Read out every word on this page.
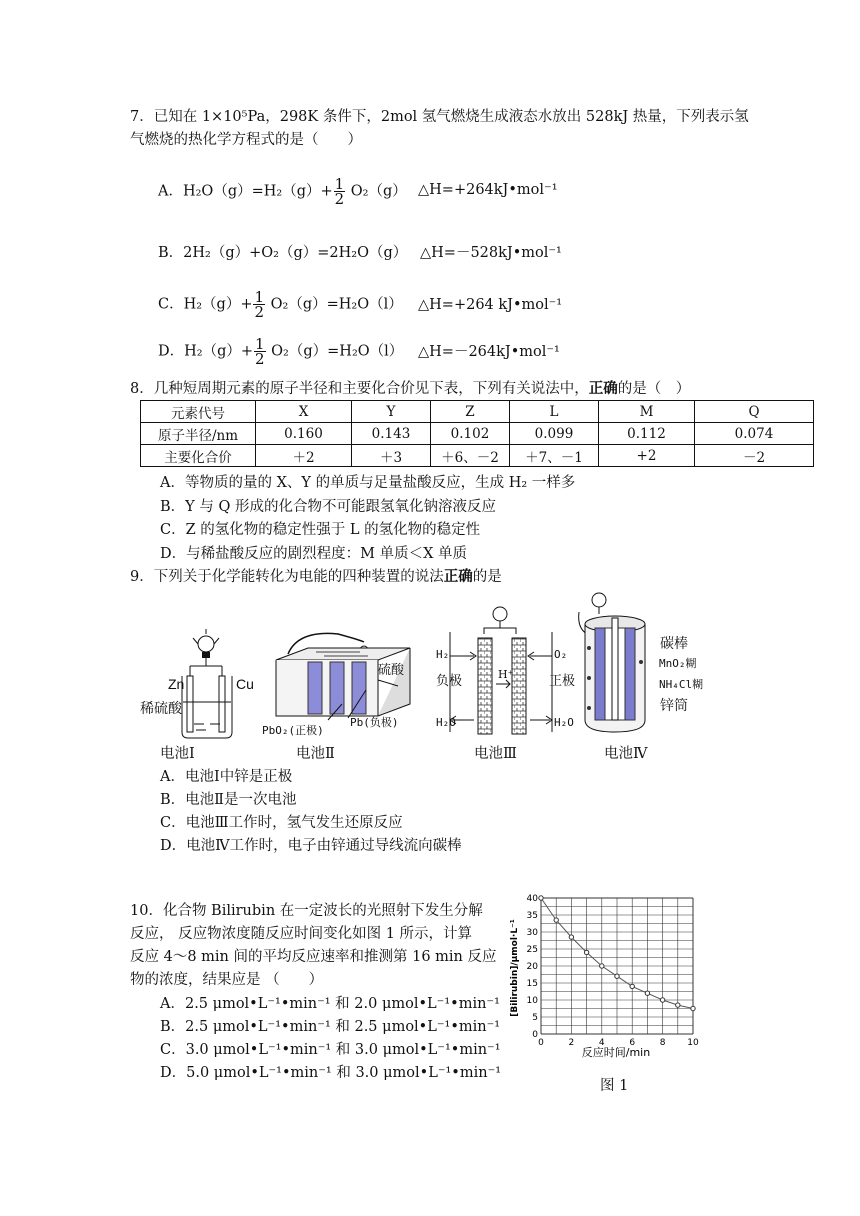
7．已知在 1×10⁵Pa，298K 条件下，2mol 氢气燃烧生成液态水放出 528kJ 热量，下列表示氢
气燃烧的热化学方程式的是（　　）
A．$H_2O(g)=H_2(g)+ \frac{1}{2} O_2(g)$ △H=+264kJ•mol⁻¹
B．2H₂（g）+O₂（g）=2H₂O（g） △H=－528kJ•mol⁻¹
C．$H_2(g)+ \frac{1}{2} O_2(g)=H_2O(l)$ △H=+264 kJ•mol⁻¹
D．$H_2(g)+ \frac{1}{2} O_2(g)=H_2O(l)$ △H=－264kJ•mol⁻¹
8．几种短周期元素的原子半径和主要化合价见下表，下列有关说法中，正确的是（　）
元素代号	X	Y	Z	L	M	Q
原子半径/nm	0.160	0.143	0.102	0.099	0.112	0.074
主要化合价	＋2	＋3	＋6、－2	＋7、－1	+2	－2
A．等物质的量的 X、Y 的单质与足量盐酸反应，生成 H₂ 一样多
B．Y 与 Q 形成的化合物不可能跟氢氧化钠溶液反应
C．Z 的氢化物的稳定性强于 L 的氢化物的稳定性
D．与稀盐酸反应的剧烈程度：M 单质＜X 单质
9．下列关于化学能转化为电能的四种装置的说法正确的是
Zn	Cu
稀硫酸
电池Ⅰ
硫酸
PbO₂(正极)
Pb(负极)
电池Ⅱ
H₂	O₂
负极	正极
H⁺
H₂O	H₂O
电池Ⅲ
碳棒
MnO₂糊
NH₄Cl糊
锌筒
电池Ⅳ
A．电池Ⅰ中锌是正极
B．电池Ⅱ是一次电池
C．电池Ⅲ工作时，氢气发生还原反应
D．电池Ⅳ工作时，电子由锌通过导线流向碳棒
10．化合物 Bilirubin 在一定波长的光照射下发生分解
反应， 反应物浓度随反应时间变化如图 1 所示，计算
反应 4～8 min 间的平均反应速率和推测第 16 min 反应
物的浓度，结果应是 （　　）
A．2.5 μmol•L⁻¹•min⁻¹ 和 2.0 μmol•L⁻¹•min⁻¹
B．2.5 μmol•L⁻¹•min⁻¹ 和 2.5 μmol•L⁻¹•min⁻¹
C．3.0 μmol•L⁻¹•min⁻¹ 和 3.0 μmol•L⁻¹•min⁻¹
D．5.0 μmol•L⁻¹•min⁻¹ 和 3.0 μmol•L⁻¹•min⁻¹
0	2	4	6	8 10
0
5
10
15
20
25
30
35
40
反应时间/min
[Bilirubin]/μmol·L⁻¹
图 1
